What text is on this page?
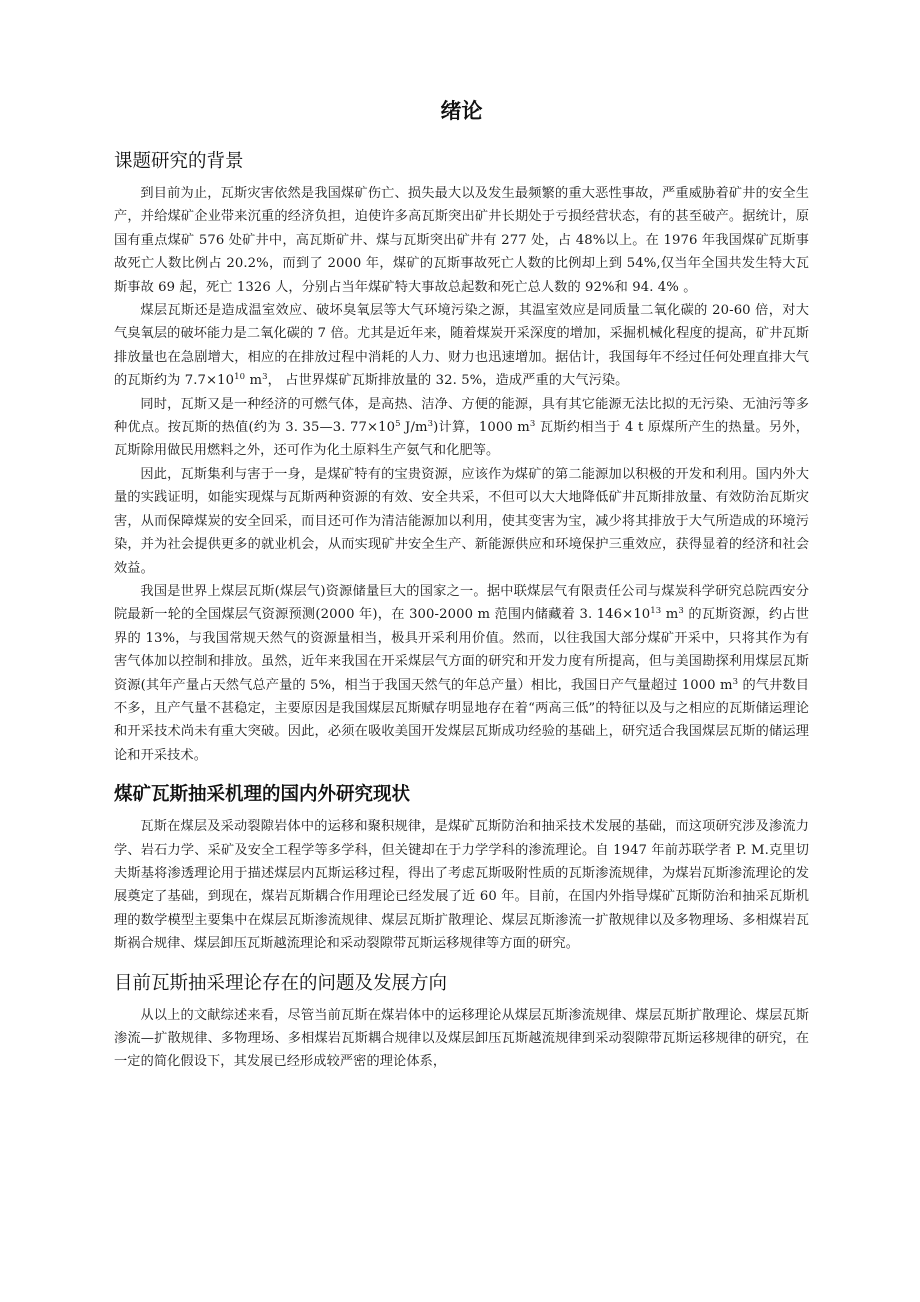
绪论
课题研究的背景

到目前为止，瓦斯灾害依然是我国煤矿伤亡、损失最大以及发生最频繁的重大恶性事故，严重威胁着矿井的安全生产，并给煤矿企业带来沉重的经济负担，迫使许多高瓦斯突出矿井长期处于亏损经营状态，有的甚至破产。据统计，原国有重点煤矿 576 处矿井中，高瓦斯矿井、煤与瓦斯突出矿井有 277 处，占 48%以上。在 1976 年我国煤矿瓦斯事故死亡人数比例占 20.2%，而到了 2000 年，煤矿的瓦斯事故死亡人数的比例却上到 54%,仅当年全国共发生特大瓦斯事故 69 起，死亡 1326 人，分别占当年煤矿特大事故总起数和死亡总人数的 92%和 94. 4% 。

煤层瓦斯还是造成温室效应、破坏臭氧层等大气环境污染之源，其温室效应是同质量二氧化碳的 20-60 倍，对大气臭氧层的破坏能力是二氧化碳的 7 倍。尤其是近年来，随着煤炭开采深度的增加，采掘机械化程度的提高，矿井瓦斯排放量也在急剧增大，相应的在排放过程中消耗的人力、财力也迅速增加。据估计，我国每年不经过任何处理直排大气的瓦斯约为 $7.7\times 10^{10}$ $m^3$， 占世界煤矿瓦斯排放量的 32. 5%，造成严重的大气污染。

同时，瓦斯又是一种经济的可燃气体，是高热、洁净、方便的能源，具有其它能源无法比拟的无污染、无油污等多种优点。按瓦斯的热值(约为 3. 35—3. $77\times 10^5$ $J/m^3$)计算，1000 $m^3$ 瓦斯约相当于 4 t 原煤所产生的热量。另外，瓦斯除用做民用燃料之外，还可作为化土原料生产氨气和化肥等。

因此，瓦斯集利与害于一身，是煤矿特有的宝贵资源，应该作为煤矿的第二能源加以积极的开发和利用。国内外大量的实践证明，如能实现煤与瓦斯两种资源的有效、安全共采，不但可以大大地降低矿井瓦斯排放量、有效防治瓦斯灾害，从而保障煤炭的安全回采，而目还可作为清洁能源加以利用，使其变害为宝，减少将其排放于大气所造成的环境污染，并为社会提供更多的就业机会，从而实现矿井安全生产、新能源供应和环境保护三重效应，获得显着的经济和社会效益。

我国是世界上煤层瓦斯(煤层气)资源储量巨大的国家之一。据中联煤层气有限责任公司与煤炭科学研究总院西安分院最新一轮的全国煤层气资源预测(2000 年)，在 300-2000 m 范围内储藏着 3. $146\times 10^{13}$ $m^3$ 的瓦斯资源，约占世界的 13%，与我国常规天然气的资源量相当，极具开采利用价值。然而，以往我国大部分煤矿开采中，只将其作为有害气体加以控制和排放。虽然，近年来我国在开采煤层气方面的研究和开发力度有所提高，但与美国勘探利用煤层瓦斯资源(其年产量占天然气总产量的 5%，相当于我国天然气的年总产量）相比，我国日产气量超过 1000 $m^3$ 的气井数目不多，且产气量不甚稳定，主要原因是我国煤层瓦斯赋存明显地存在着“两高三低”的特征以及与之相应的瓦斯储运理论和开采技术尚未有重大突破。因此，必须在吸收美国开发煤层瓦斯成功经验的基础上，研究适合我国煤层瓦斯的储运理论和开采技术。

煤矿瓦斯抽采机理的国内外研究现状

瓦斯在煤层及采动裂隙岩体中的运移和聚积规律，是煤矿瓦斯防治和抽采技术发展的基础，而这项研究涉及渗流力学、岩石力学、采矿及安全工程学等多学科，但关键却在于力学学科的渗流理论。自 1947 年前苏联学者 P. M.克里切夫斯基将渗透理论用于描述煤层内瓦斯运移过程，得出了考虑瓦斯吸附性质的瓦斯渗流规律，为煤岩瓦斯渗流理论的发展奠定了基础，到现在，煤岩瓦斯耦合作用理论已经发展了近 60 年。目前，在国内外指导煤矿瓦斯防治和抽采瓦斯机理的数学模型主要集中在煤层瓦斯渗流规律、煤层瓦斯扩散理论、煤层瓦斯渗流一扩散规律以及多物理场、多相煤岩瓦斯祸合规律、煤层卸压瓦斯越流理论和采动裂隙带瓦斯运移规律等方面的研究。

目前瓦斯抽采理论存在的问题及发展方向

从以上的文献综述来看，尽管当前瓦斯在煤岩体中的运移理论从煤层瓦斯渗流规律、煤层瓦斯扩散理论、煤层瓦斯渗流—扩散规律、多物理场、多相煤岩瓦斯耦合规律以及煤层卸压瓦斯越流规律到采动裂隙带瓦斯运移规律的研究，在一定的简化假设下，其发展已经形成较严密的理论体系，
